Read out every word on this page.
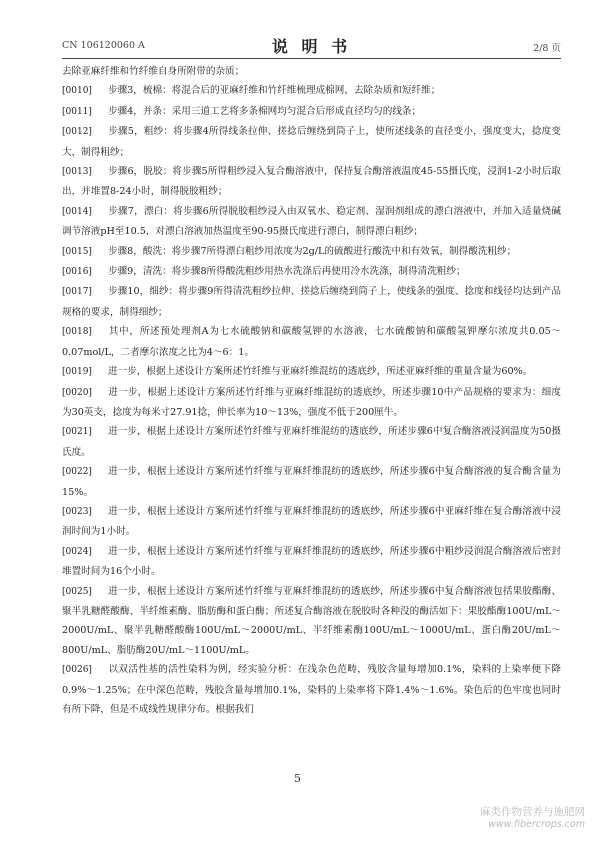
CN 106120060 A	说 明 书	2/8 页

去除亚麻纤维和竹纤维自身所附带的杂质；

[0010] 步骤3，梳棉：将混合后的亚麻纤维和竹纤维梳理成棉网，去除杂质和短纤维；

[0011] 步骤4，并条：采用三道工艺将多条棉网均匀混合后形成直径均匀的线条；

[0012] 步骤5，粗纱：将步骤4所得线条拉伸、搓捻后缠绕到筒子上，使所述线条的直径变小，强度变大，捻度变大，制得粗纱；

[0013] 步骤6，脱胶：将步骤5所得粗纱浸入复合酶溶液中，保持复合酶溶液温度45-55摄氏度，浸润1-2小时后取出，并堆置8-24小时，制得脱胶粗纱；

[0014] 步骤7，漂白：将步骤6所得脱胶粗纱浸入由双氧水、稳定剂、湿润剂组成的漂白溶液中，并加入适量烧碱调节溶液pH至10.5，对漂白溶液加热温度至90-95摄氏度进行漂白，制得漂白粗纱；

[0015] 步骤8，酸洗：将步骤7所得漂白粗纱用浓度为2g/L的硫酸进行酸洗中和有效氧，制得酸洗粗纱；

[0016] 步骤9，清洗：将步骤8所得酸洗粗纱用热水洗涤后再使用冷水洗涤，制得清洗粗纱；

[0017] 步骤10，细纱：将步骤9所得清洗粗纱拉伸、搓捻后缠绕到筒子上，使线条的强度、捻度和线径均达到产品规格的要求，制得细纱；

[0018] 其中，所述预处理剂A为七水硫酸钠和碳酸氢钾的水溶液，七水硫酸钠和碳酸氢钾摩尔浓度共0.05～0.07mol/L，二者摩尔浓度之比为4～6：1。

[0019] 进一步，根据上述设计方案所述竹纤维与亚麻纤维混纺的透底纱，所述亚麻纤维的重量含量为60%。

[0020] 进一步，根据上述设计方案所述竹纤维与亚麻纤维混纺的透底纱，所述步骤10中产品规格的要求为：细度为30英支，捻度为每米寸27.91捻，伸长率为10～13%，强度不低于200厘牛。

[0021] 进一步，根据上述设计方案所述竹纤维与亚麻纤维混纺的透底纱，所述步骤6中复合酶溶液浸润温度为50摄氏度。

[0022] 进一步，根据上述设计方案所述竹纤维与亚麻纤维混纺的透底纱，所述步骤6中复合酶溶液的复合酶含量为15%。

[0023] 进一步，根据上述设计方案所述竹纤维与亚麻纤维混纺的透底纱，所述步骤6中亚麻纤维在复合酶溶液中浸润时间为1小时。

[0024] 进一步，根据上述设计方案所述竹纤维与亚麻纤维混纺的透底纱，所述步骤6中粗纱浸润混合酶溶液后密封堆置时间为16个小时。

[0025] 进一步，根据上述设计方案所述竹纤维与亚麻纤维混纺的透底纱，所述步骤6中复合酶溶液包括果胶酯酶、聚半乳糖醛酸酶、半纤维素酶、脂肪酶和蛋白酶；所述复合酶溶液在脱胶时各种没的酶活如下：果胶酯酶100U/mL～2000U/mL、聚半乳糖醛酸酶100U/mL～2000U/mL、半纤维素酶100U/mL～1000U/mL、蛋白酶20U/mL～800U/mL、脂肪酶20U/mL～1100U/mL。

[0026] 以双活性基的活性染料为例，经实验分析：在浅杂色范畴，残胶含量每增加0.1%，染料的上染率便下降0.9%～1.25%；在中深色范畴，残胶含量每增加0.1%，染料的上染率将下降1.4%～1.6%。染色后的色牢度也同时有所下降，但是不成线性规律分布。根据我们

5
麻类作物营养与施肥网
www.fibercrops.com
